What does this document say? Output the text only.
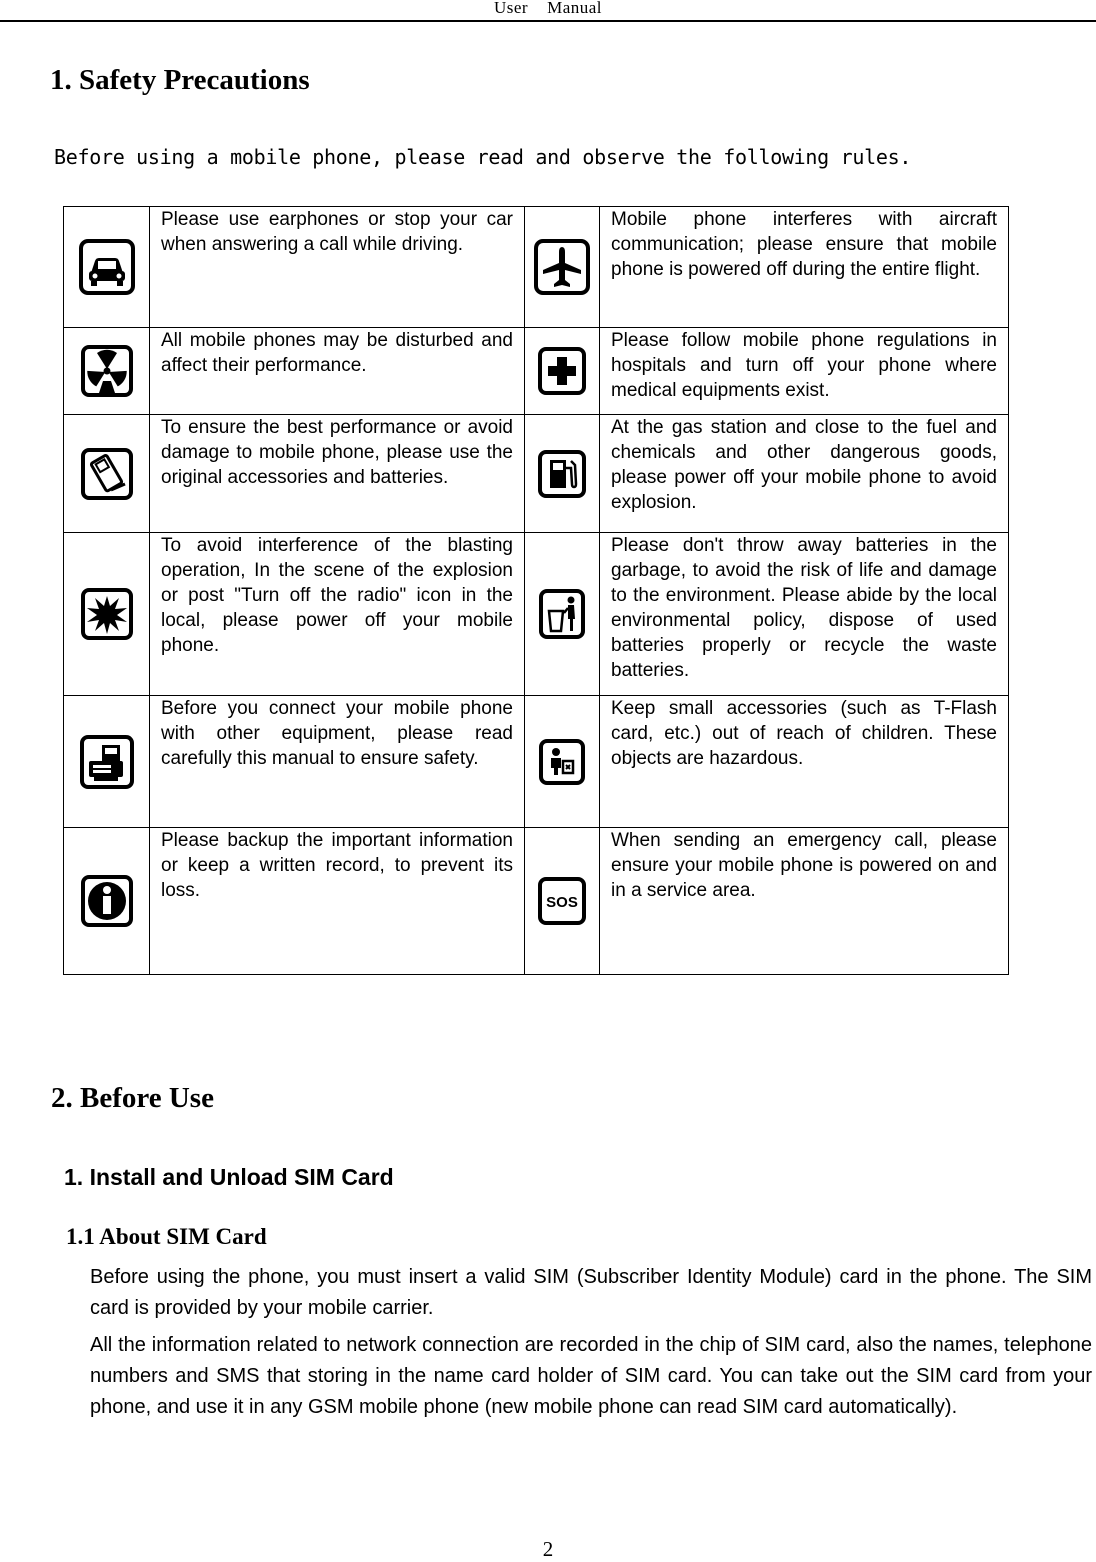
User    Manual
1. Safety Precautions

Before using a mobile phone, please read and observe the following rules.

Please use earphones or stop your car when answering a call while driving.		Mobile phone interferes with aircraft communication; please ensure that mobile phone is powered off during the entire flight.

All mobile phones may be disturbed and affect their performance.		Please follow mobile phone regulations in hospitals and turn off your phone where medical equipments exist.

To ensure the best performance or avoid damage to mobile phone, please use the original accessories and batteries.		At the gas station and close to the fuel and chemicals and other dangerous goods, please power off your mobile phone to avoid explosion.

To avoid interference of the blasting operation, In the scene of the explosion or post "Turn off the radio" icon in the local, please power off your mobile phone.		Please don't throw away batteries in the garbage, to avoid the risk of life and damage to the environment. Please abide by the local environmental policy, dispose of used batteries properly or recycle the waste batteries.

Before you connect your mobile phone with other equipment, please read carefully this manual to ensure safety.		Keep small accessories (such as T-Flash card, etc.) out of reach of children. These objects are hazardous.

Please backup the important information or keep a written record, to prevent its loss.	SOS	When sending an emergency call, please ensure your mobile phone is powered on and in a service area.
2. Before Use
1. Install and Unload SIM Card
1.1 About SIM Card

Before using the phone, you must insert a valid SIM (Subscriber Identity Module) card in the phone. The SIM card is provided by your mobile carrier.

All the information related to network connection are recorded in the chip of SIM card, also the names, telephone numbers and SMS that storing in the name card holder of SIM card. You can take out the SIM card from your phone, and use it in any GSM mobile phone (new mobile phone can read SIM card automatically).

2
